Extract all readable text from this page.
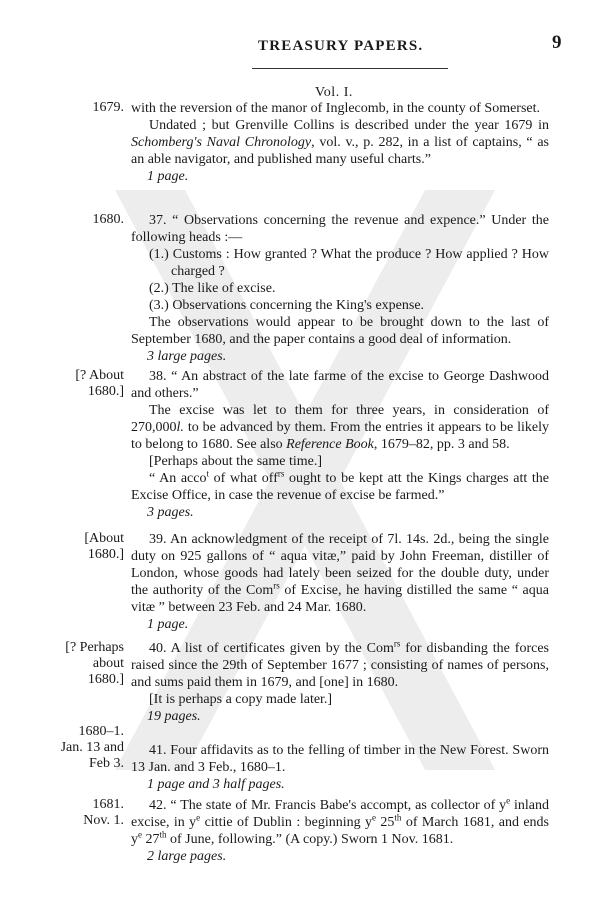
TREASURY PAPERS.	9
Vol. I.
1679. with the reversion of the manor of Inglecomb, in the county of Somerset.

Undated ; but Grenville Collins is described under the year 1679 in Schomberg's Naval Chronology, vol. v., p. 282, in a list of captains, “ as an able navigator, and published many useful charts.”

1 page.

1680.	37. “ Observations concerning the revenue and expence.” Under the following heads :—

(1.) Customs : How granted ? What the produce ? How applied ? How charged ?

(2.) The like of excise.

(3.) Observations concerning the King's expense.

The observations would appear to be brought down to the last of September 1680, and the paper contains a good deal of information.

3 large pages.

[? About
1680.]

38. “ An abstract of the late farme of the excise to George Dashwood and others.”

The excise was let to them for three years, in consideration of 270,000l. to be advanced by them. From the entries it appears to be likely to belong to 1680. See also Reference Book, 1679–82, pp. 3 and 58.

[Perhaps about the same time.]

“ An acco$^t$ of what off$^{rs}$ ought to be kept att the Kings charges att the Excise Office, in case the revenue of excise be farmed.”

3 pages.

[About
1680.]

39. An acknowledgment of the receipt of 7l. 14s. 2d., being the single duty on 925 gallons of “ aqua vitæ,” paid by John Freeman, distiller of London, whose goods had lately been seized for the double duty, under the authority of the Com$^{rs}$ of Excise, he having distilled the same “ aqua vitæ ” between 23 Feb. and 24 Mar. 1680.

1 page.

[? Perhaps
about
1680.]

40. A list of certificates given by the Com$^{rs}$ for disbanding the forces raised since the 29th of September 1677 ; consisting of names of persons, and sums paid them in 1679, and [one] in 1680.

[It is perhaps a copy made later.]

19 pages.

1680–1.
Jan. 13 and
Feb 3.

41. Four affidavits as to the felling of timber in the New Forest. Sworn 13 Jan. and 3 Feb., 1680–1.

1 page and 3 half pages.

1681.
Nov. 1.

42. “ The state of Mr. Francis Babe's accompt, as collector of $y^e$ inland excise, in $y^e$ cittie of Dublin : beginning $y^e$ 25th of March 1681, and ends $y^e$ 27th of June, following.” (A copy.) Sworn 1 Nov. 1681.

2 large pages.
